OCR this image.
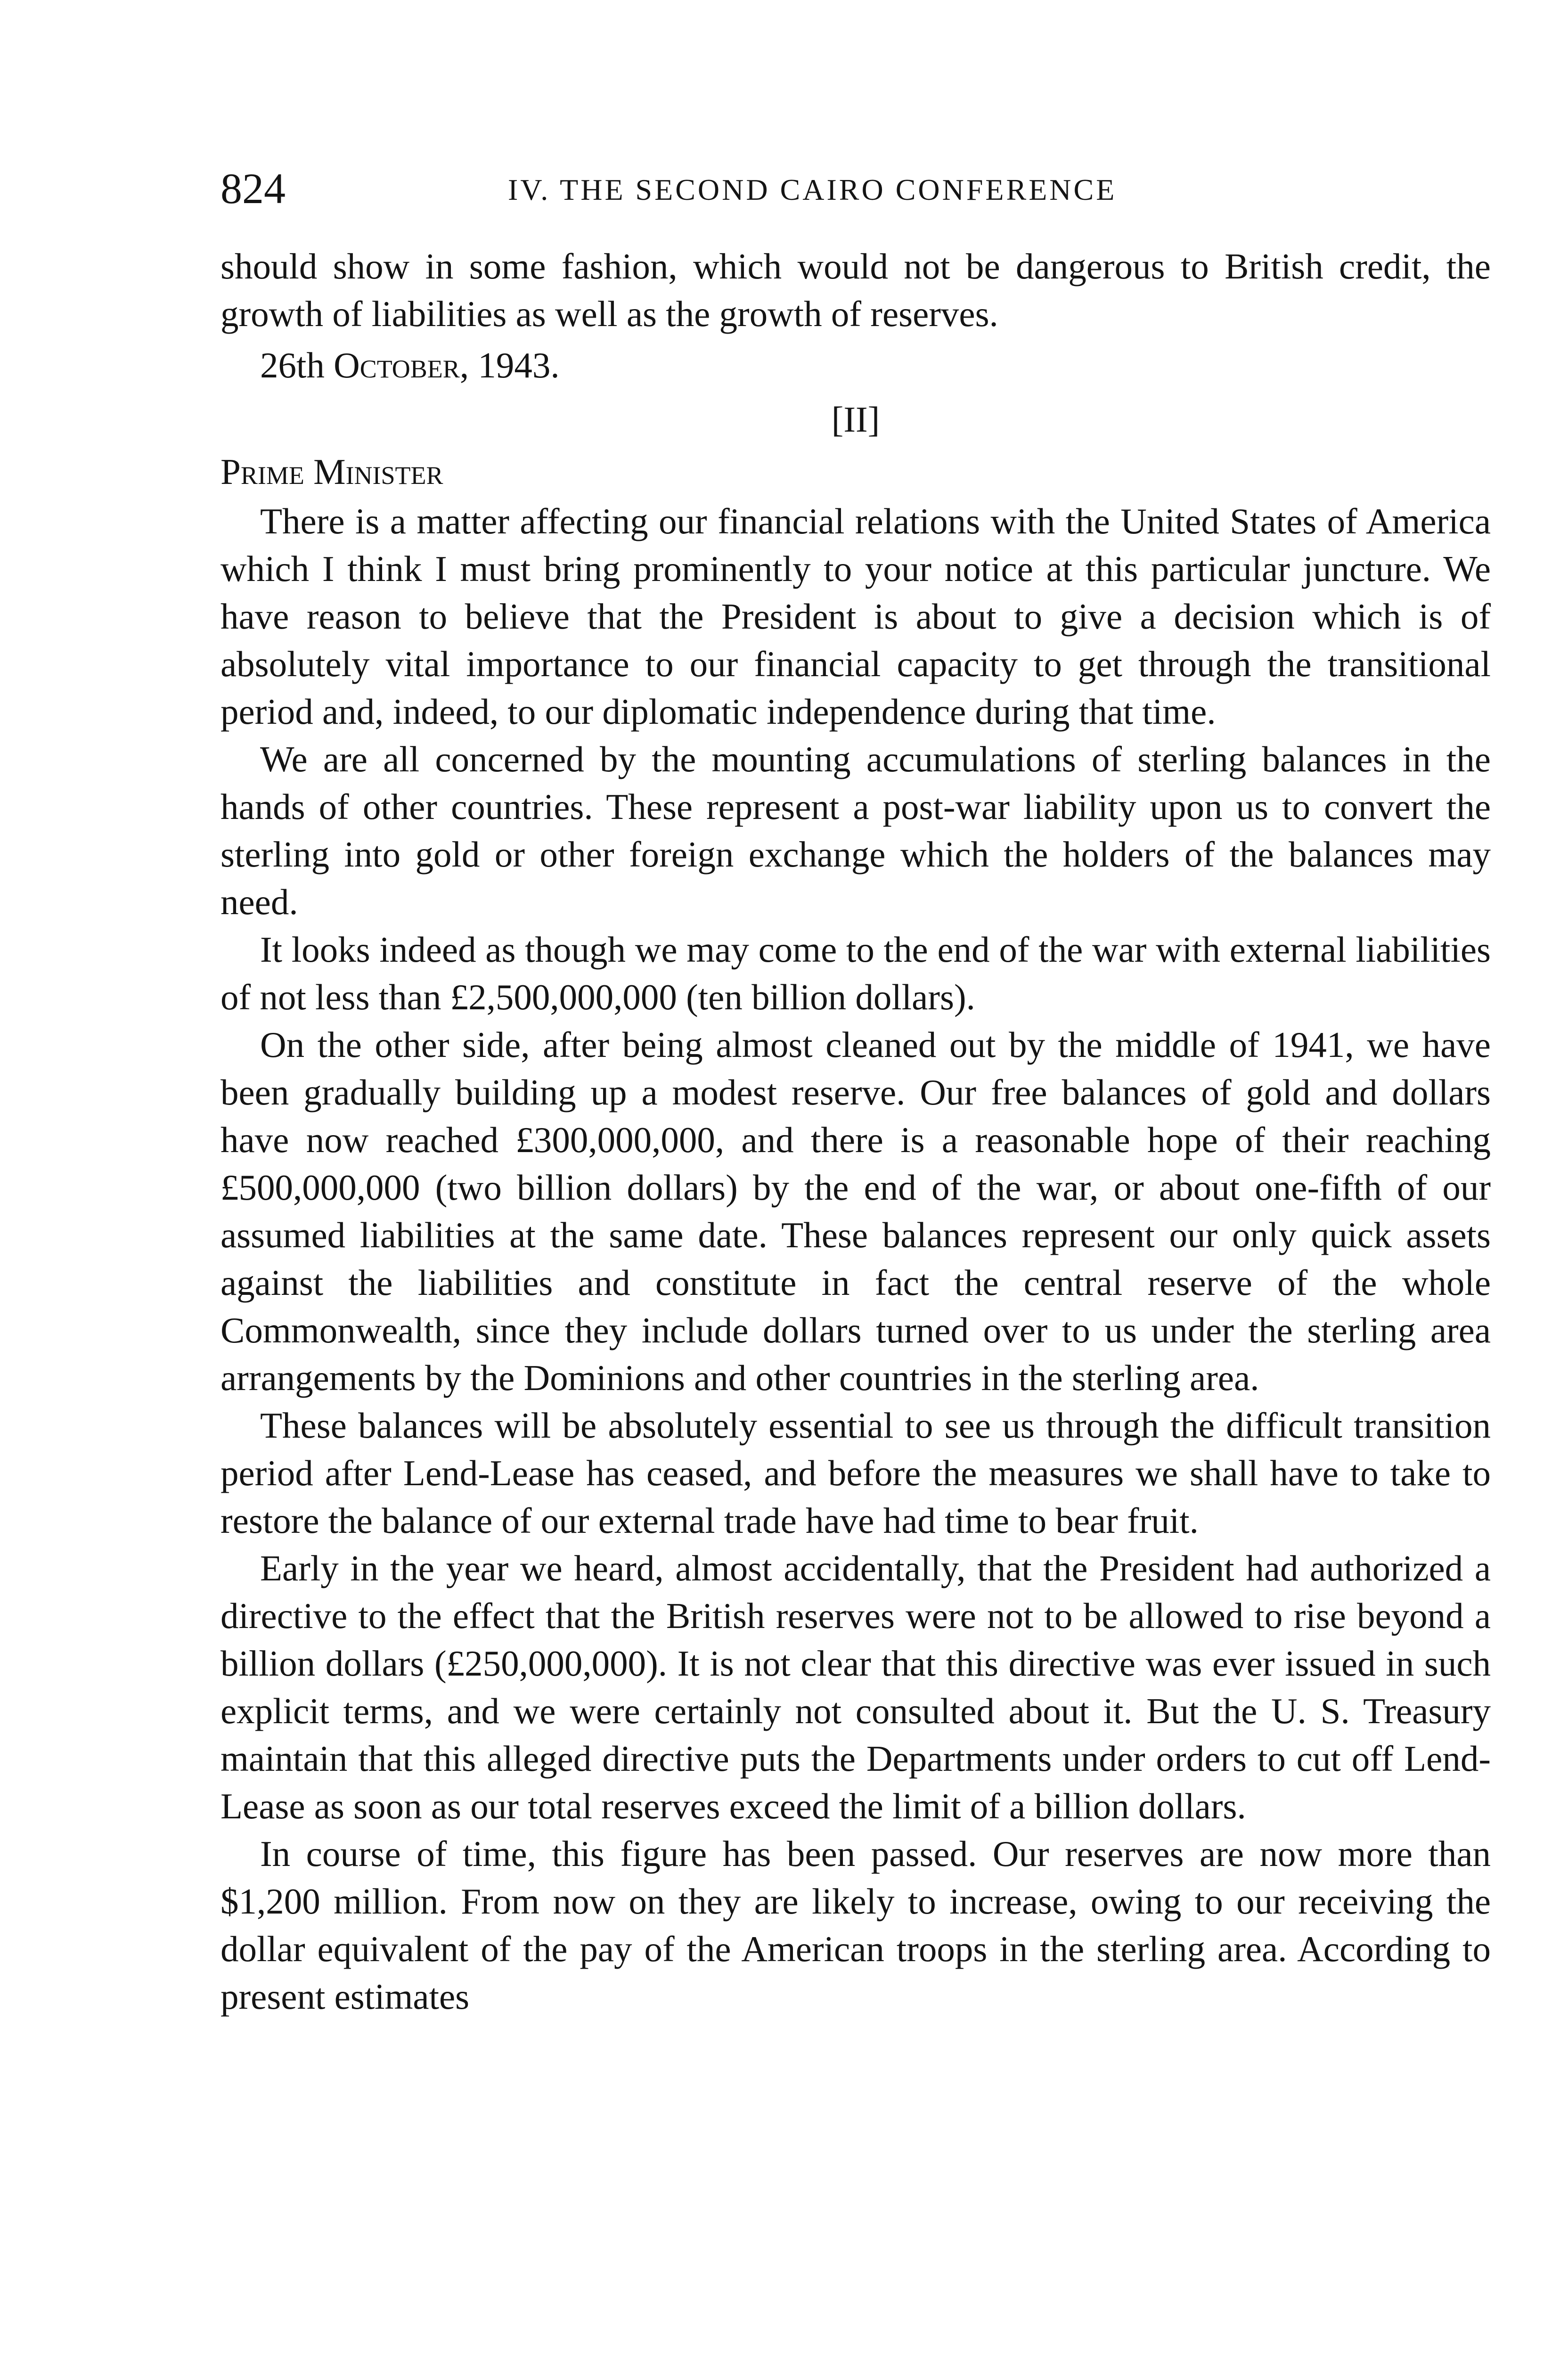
824	IV. THE SECOND CAIRO CONFERENCE

should show in some fashion, which would not be dangerous to British credit, the growth of liabilities as well as the growth of reserves.

26th October, 1943.

[II]

Prime Minister

There is a matter affecting our financial relations with the United States of America which I think I must bring prominently to your notice at this particular juncture. We have reason to believe that the President is about to give a decision which is of absolutely vital importance to our financial capacity to get through the transitional period and, indeed, to our diplomatic independence during that time.

We are all concerned by the mounting accumulations of sterling balances in the hands of other countries. These represent a post-war liability upon us to convert the sterling into gold or other foreign exchange which the holders of the balances may need.

It looks indeed as though we may come to the end of the war with external liabilities of not less than £2,500,000,000 (ten billion dollars).

On the other side, after being almost cleaned out by the middle of 1941, we have been gradually building up a modest reserve. Our free balances of gold and dollars have now reached £300,000,000, and there is a reasonable hope of their reaching £500,000,000 (two billion dollars) by the end of the war, or about one-fifth of our assumed liabilities at the same date. These balances represent our only quick assets against the liabilities and constitute in fact the central reserve of the whole Commonwealth, since they include dollars turned over to us under the sterling area arrangements by the Dominions and other countries in the sterling area.

These balances will be absolutely essential to see us through the difficult transition period after Lend-Lease has ceased, and before the measures we shall have to take to restore the balance of our external trade have had time to bear fruit.

Early in the year we heard, almost accidentally, that the President had authorized a directive to the effect that the British reserves were not to be allowed to rise beyond a billion dollars (£250,000,000). It is not clear that this directive was ever issued in such explicit terms, and we were certainly not consulted about it. But the U. S. Treasury maintain that this alleged directive puts the Departments under orders to cut off Lend-Lease as soon as our total reserves exceed the limit of a billion dollars.

In course of time, this figure has been passed. Our reserves are now more than $1,200 million. From now on they are likely to increase, owing to our receiving the dollar equivalent of the pay of the American troops in the sterling area. According to present estimates
